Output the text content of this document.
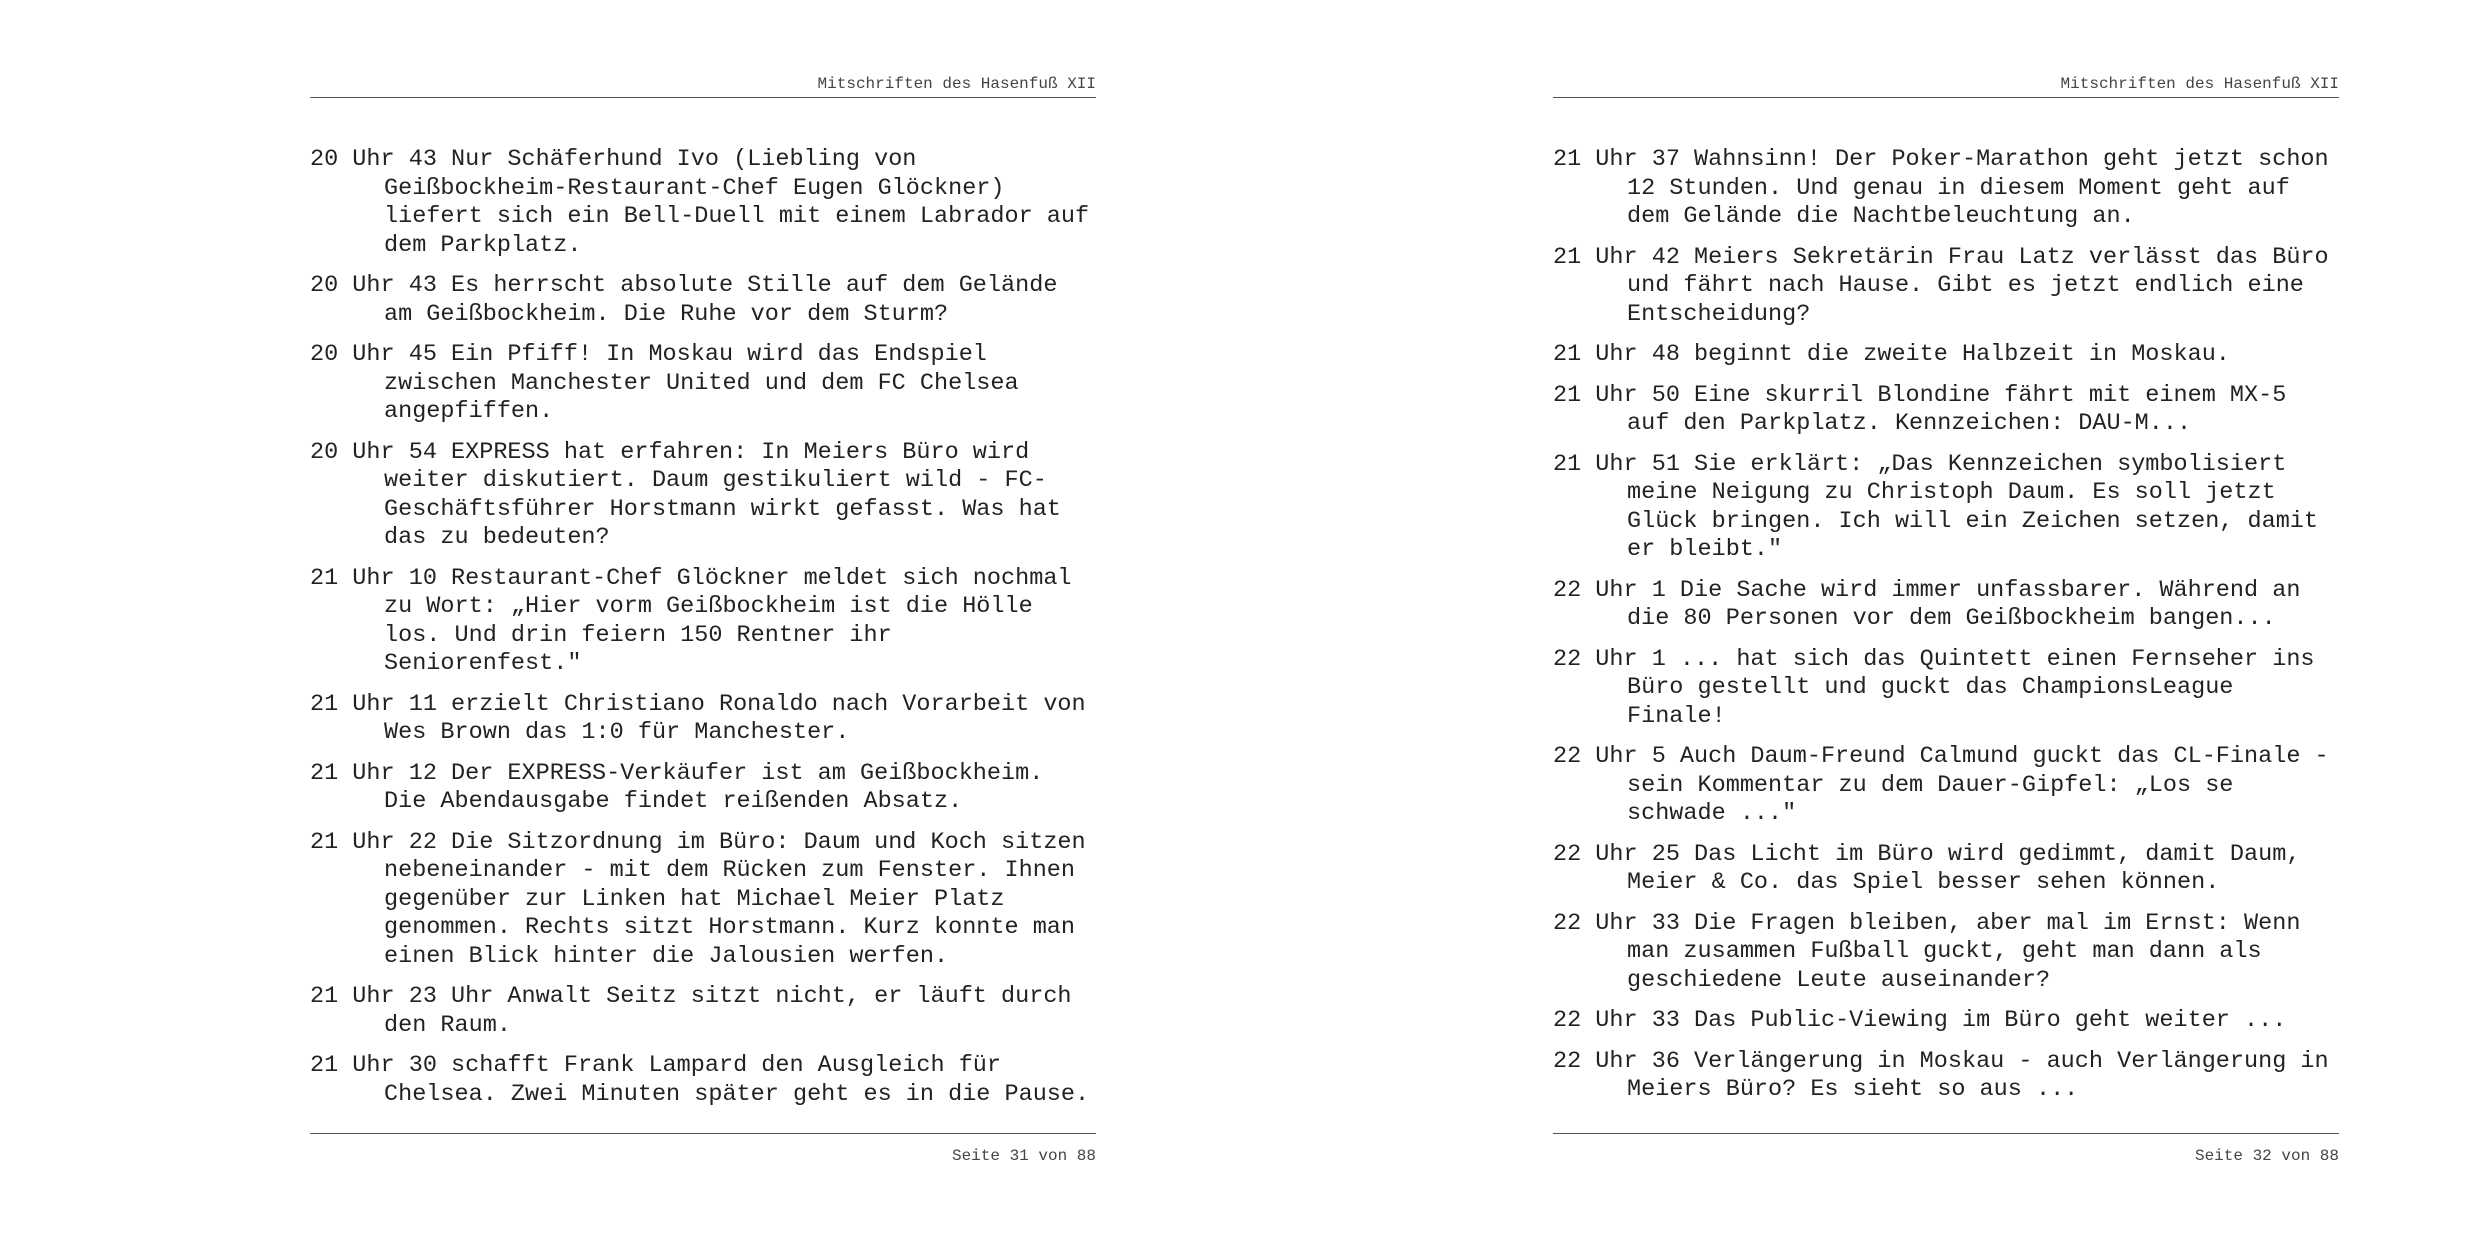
Mitschriften des Hasenfuß XII
20 Uhr 43 Nur Schäferhund Ivo (Liebling von Geißbockheim-Restaurant-Chef Eugen Glöckner) liefert sich ein Bell-Duell mit einem Labrador auf dem Parkplatz.
20 Uhr 43 Es herrscht absolute Stille auf dem Gelände am Geißbockheim. Die Ruhe vor dem Sturm?
20 Uhr 45 Ein Pfiff! In Moskau wird das Endspiel zwischen Manchester United und dem FC Chelsea angepfiffen.
20 Uhr 54 EXPRESS hat erfahren: In Meiers Büro wird weiter diskutiert. Daum gestikuliert wild - FC-Geschäftsführer Horstmann wirkt gefasst. Was hat das zu bedeuten?
21 Uhr 10 Restaurant-Chef Glöckner meldet sich nochmal zu Wort: „Hier vorm Geißbockheim ist die Hölle los. Und drin feiern 150 Rentner ihr Seniorenfest."
21 Uhr 11 erzielt Christiano Ronaldo nach Vorarbeit von Wes Brown das 1:0 für Manchester.
21 Uhr 12 Der EXPRESS-Verkäufer ist am Geißbockheim. Die Abendausgabe findet reißenden Absatz.
21 Uhr 22 Die Sitzordnung im Büro: Daum und Koch sitzen nebeneinander - mit dem Rücken zum Fenster. Ihnen gegenüber zur Linken hat Michael Meier Platz genommen. Rechts sitzt Horstmann. Kurz konnte man einen Blick hinter die Jalousien werfen.
21 Uhr 23 Uhr Anwalt Seitz sitzt nicht, er läuft durch den Raum.
21 Uhr 30 schafft Frank Lampard den Ausgleich für Chelsea. Zwei Minuten später geht es in die Pause.
Seite 31 von 88
Mitschriften des Hasenfuß XII
21 Uhr 37 Wahnsinn! Der Poker-Marathon geht jetzt schon 12 Stunden. Und genau in diesem Moment geht auf dem Gelände die Nachtbeleuchtung an.
21 Uhr 42 Meiers Sekretärin Frau Latz verlässt das Büro und fährt nach Hause. Gibt es jetzt endlich eine Entscheidung?
21 Uhr 48 beginnt die zweite Halbzeit in Moskau.
21 Uhr 50 Eine skurril Blondine fährt mit einem MX-5 auf den Parkplatz. Kennzeichen: DAU-M...
21 Uhr 51 Sie erklärt: „Das Kennzeichen symbolisiert meine Neigung zu Christoph Daum. Es soll jetzt Glück bringen. Ich will ein Zeichen setzen, damit er bleibt."
22 Uhr 1 Die Sache wird immer unfassbarer. Während an die 80 Personen vor dem Geißbockheim bangen...
22 Uhr 1 ... hat sich das Quintett einen Fernseher ins Büro gestellt und guckt das ChampionsLeague Finale!
22 Uhr 5 Auch Daum-Freund Calmund guckt das CL-Finale - sein Kommentar zu dem Dauer-Gipfel: „Los se schwade ..."
22 Uhr 25 Das Licht im Büro wird gedimmt, damit Daum, Meier & Co. das Spiel besser sehen können.
22 Uhr 33 Die Fragen bleiben, aber mal im Ernst: Wenn man zusammen Fußball guckt, geht man dann als geschiedene Leute auseinander?
22 Uhr 33 Das Public-Viewing im Büro geht weiter ...
22 Uhr 36 Verlängerung in Moskau - auch Verlängerung in Meiers Büro? Es sieht so aus ...
Seite 32 von 88
